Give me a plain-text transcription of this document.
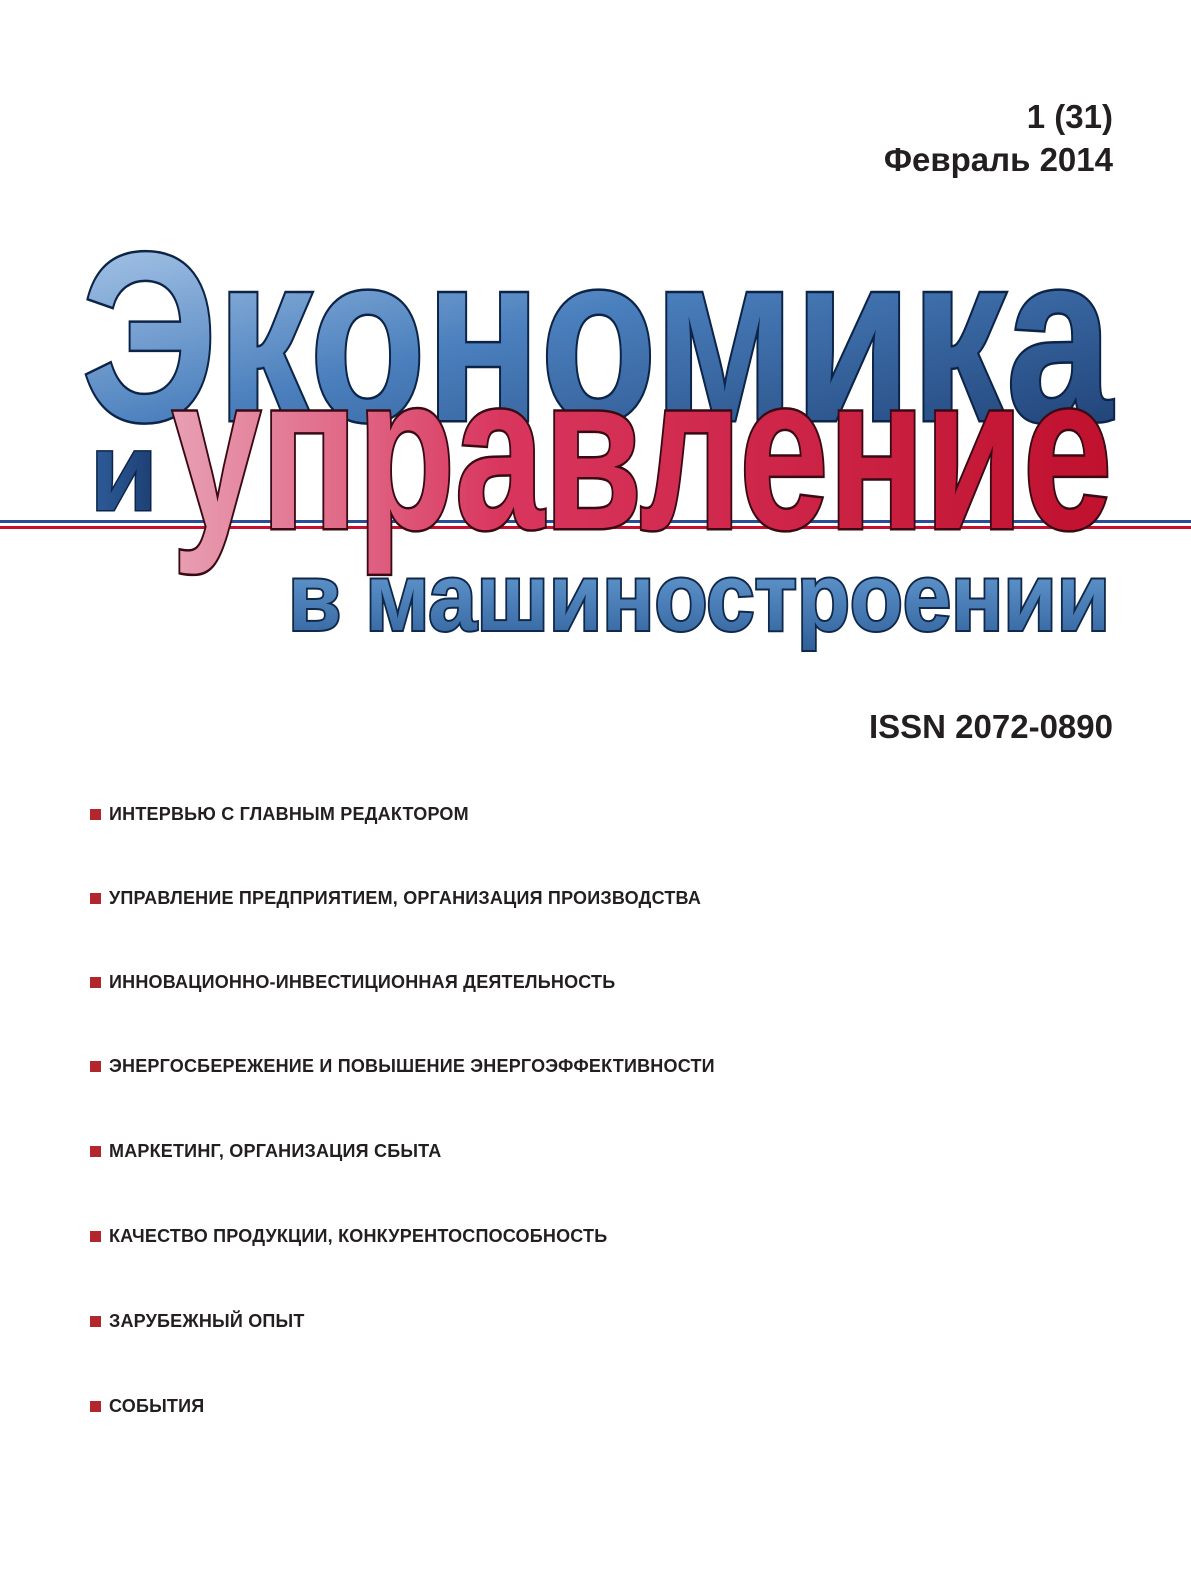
1 (31)
Февраль 2014
Экономика
и управление
в машиностроении
ISSN 2072-0890
ИНТЕРВЬЮ С ГЛАВНЫМ РЕДАКТОРОМ
УПРАВЛЕНИЕ ПРЕДПРИЯТИЕМ, ОРГАНИЗАЦИЯ ПРОИЗВОДСТВА
ИННОВАЦИОННО-ИНВЕСТИЦИОННАЯ ДЕЯТЕЛЬНОСТЬ
ЭНЕРГОСБЕРЕЖЕНИЕ И ПОВЫШЕНИЕ ЭНЕРГОЭФФЕКТИВНОСТИ
МАРКЕТИНГ, ОРГАНИЗАЦИЯ СБЫТА
КАЧЕСТВО ПРОДУКЦИИ, КОНКУРЕНТОСПОСОБНОСТЬ
ЗАРУБЕЖНЫЙ ОПЫТ
СОБЫТИЯ
